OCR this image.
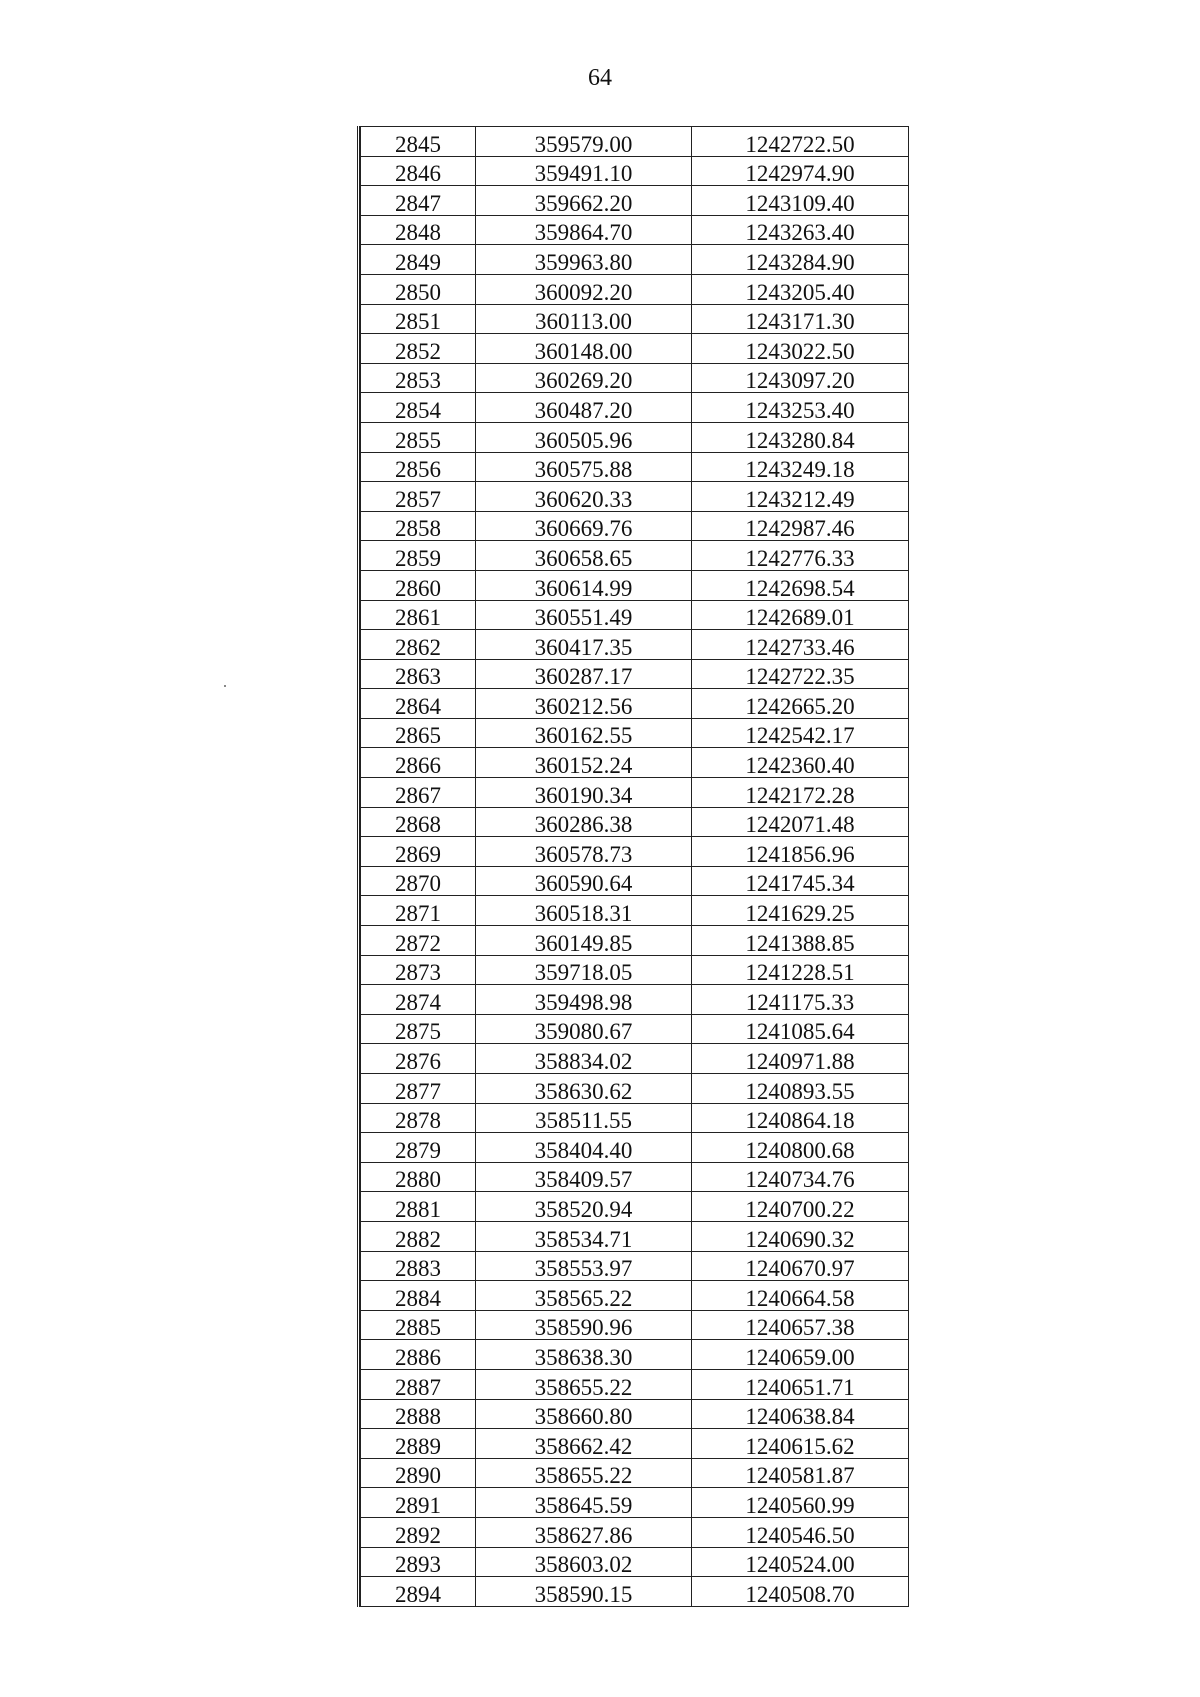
64
2845	359579.00	1242722.50
2846	359491.10	1242974.90
2847	359662.20	1243109.40
2848	359864.70	1243263.40
2849	359963.80	1243284.90
2850	360092.20	1243205.40
2851	360113.00	1243171.30
2852	360148.00	1243022.50
2853	360269.20	1243097.20
2854	360487.20	1243253.40
2855	360505.96	1243280.84
2856	360575.88	1243249.18
2857	360620.33	1243212.49
2858	360669.76	1242987.46
2859	360658.65	1242776.33
2860	360614.99	1242698.54
2861	360551.49	1242689.01
2862	360417.35	1242733.46
2863	360287.17	1242722.35
2864	360212.56	1242665.20
2865	360162.55	1242542.17
2866	360152.24	1242360.40
2867	360190.34	1242172.28
2868	360286.38	1242071.48
2869	360578.73	1241856.96
2870	360590.64	1241745.34
2871	360518.31	1241629.25
2872	360149.85	1241388.85
2873	359718.05	1241228.51
2874	359498.98	1241175.33
2875	359080.67	1241085.64
2876	358834.02	1240971.88
2877	358630.62	1240893.55
2878	358511.55	1240864.18
2879	358404.40	1240800.68
2880	358409.57	1240734.76
2881	358520.94	1240700.22
2882	358534.71	1240690.32
2883	358553.97	1240670.97
2884	358565.22	1240664.58
2885	358590.96	1240657.38
2886	358638.30	1240659.00
2887	358655.22	1240651.71
2888	358660.80	1240638.84
2889	358662.42	1240615.62
2890	358655.22	1240581.87
2891	358645.59	1240560.99
2892	358627.86	1240546.50
2893	358603.02	1240524.00
2894	358590.15	1240508.70
